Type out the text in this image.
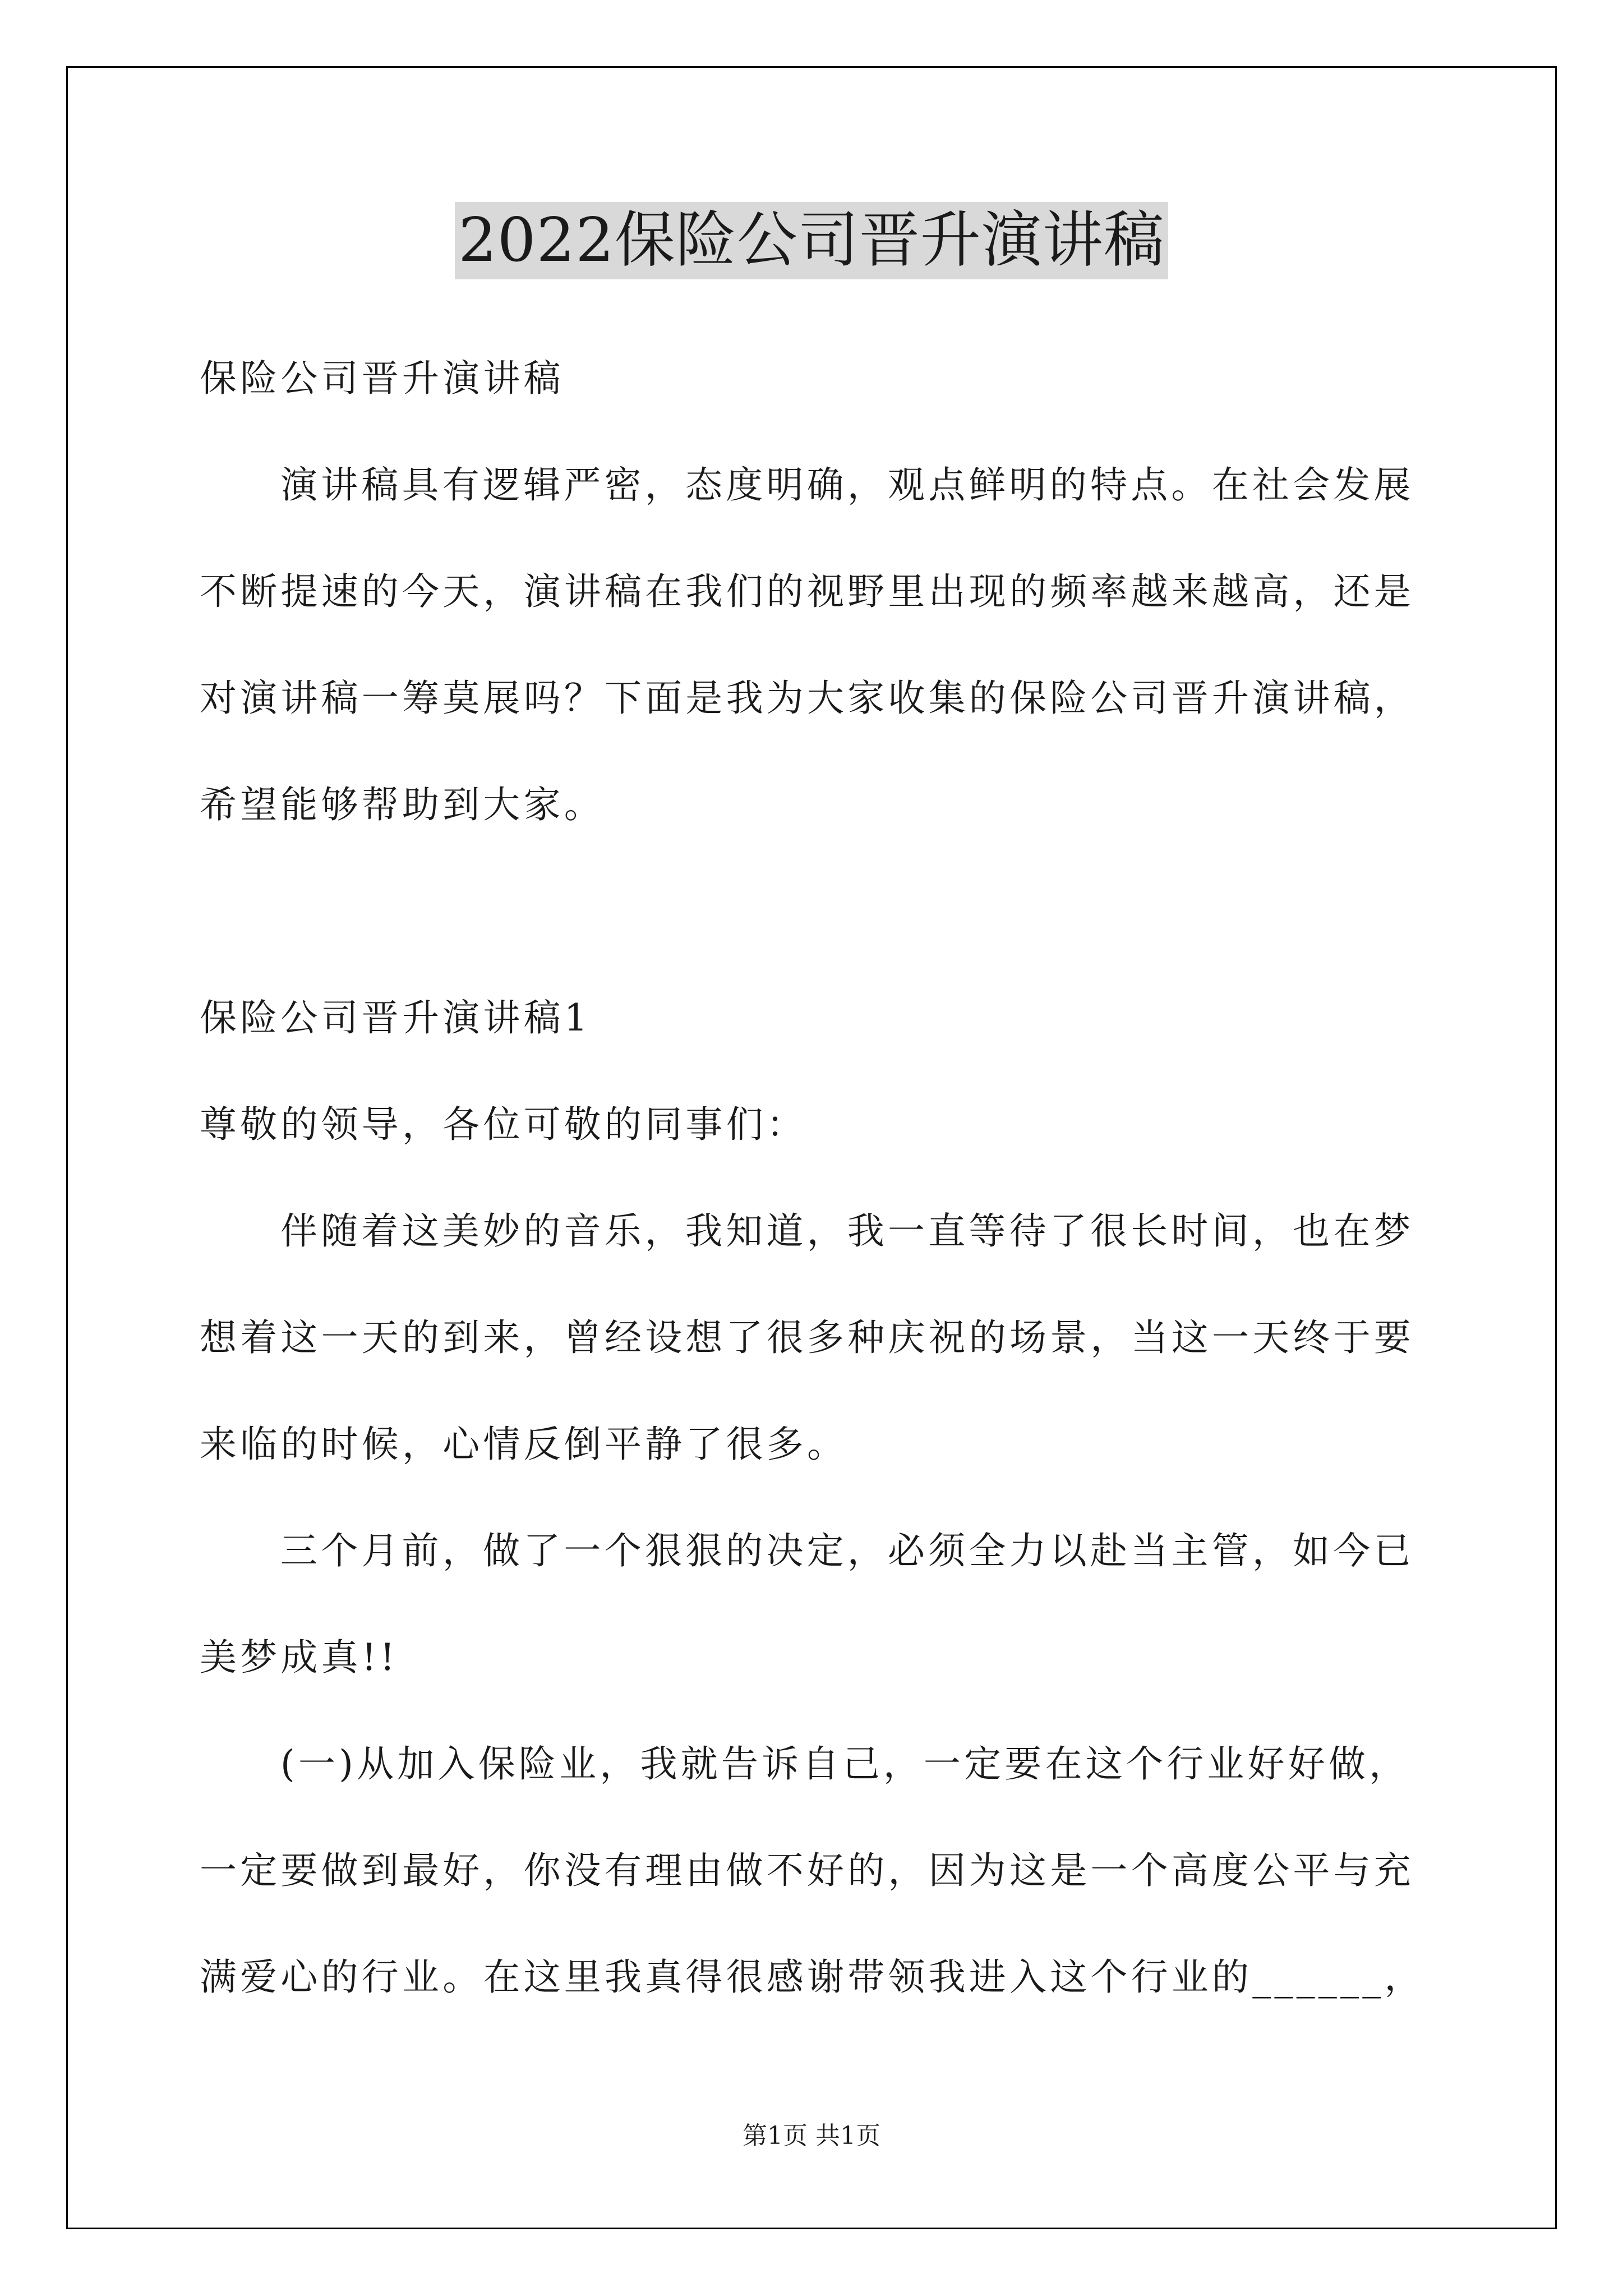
2022保险公司晋升演讲稿
保险公司晋升演讲稿
演讲稿具有逻辑严密，态度明确，观点鲜明的特点。在社会发展
不断提速的今天，演讲稿在我们的视野里出现的频率越来越高，还是
对演讲稿一筹莫展吗？下面是我为大家收集的保险公司晋升演讲稿，
希望能够帮助到大家。
保险公司晋升演讲稿1
尊敬的领导，各位可敬的同事们：
伴随着这美妙的音乐，我知道，我一直等待了很长时间，也在梦
想着这一天的到来，曾经设想了很多种庆祝的场景，当这一天终于要
来临的时候，心情反倒平静了很多。
三个月前，做了一个狠狠的决定，必须全力以赴当主管，如今已
美梦成真!!
(一)从加入保险业，我就告诉自己，一定要在这个行业好好做，
一定要做到最好，你没有理由做不好的，因为这是一个高度公平与充
满爱心的行业。在这里我真得很感谢带领我进入这个行业的______，
第1页 共1页
